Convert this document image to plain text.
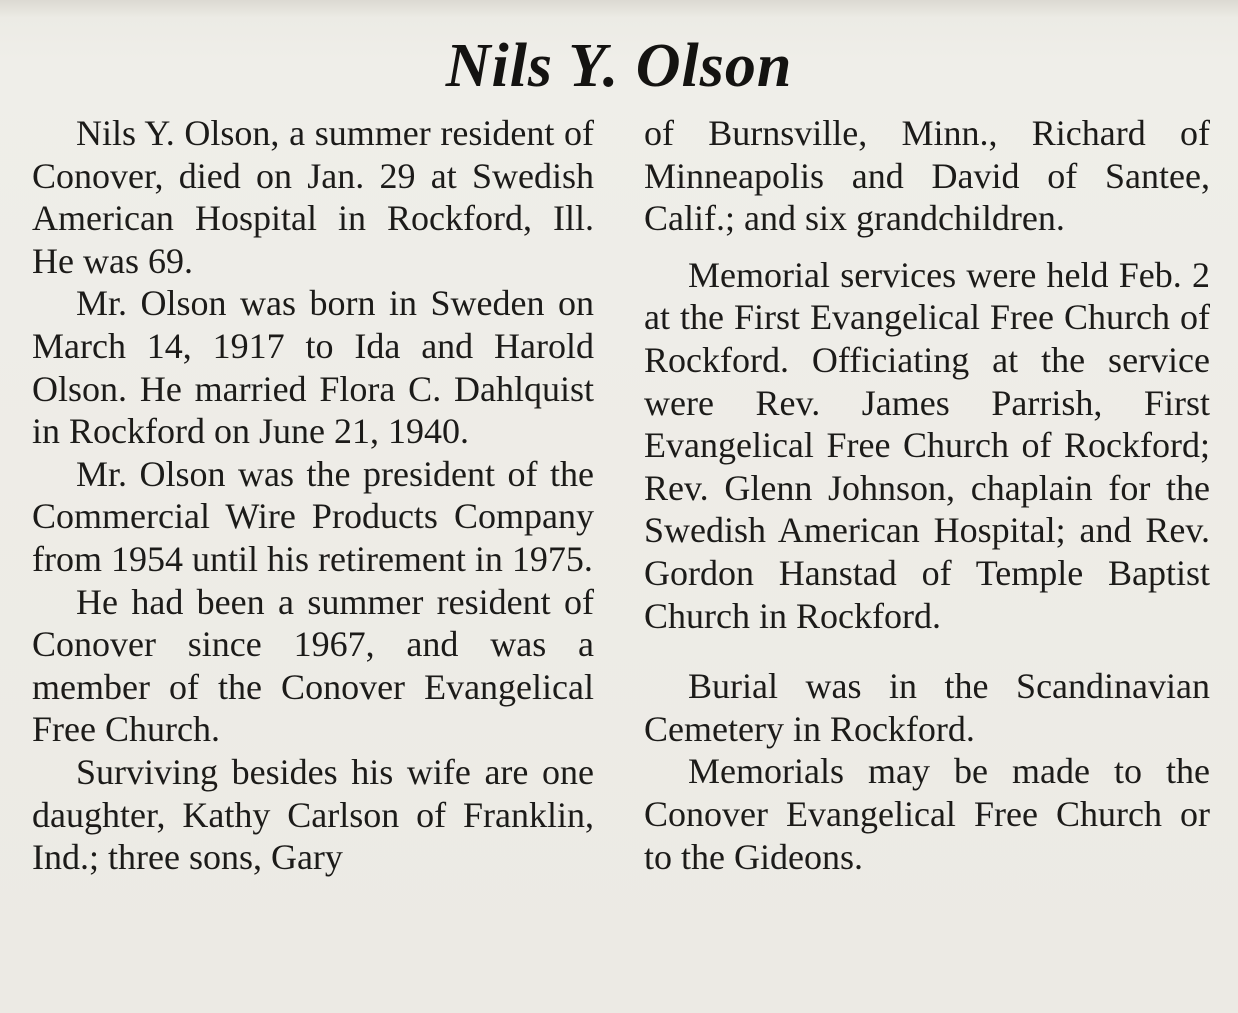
Nils Y. Olson

Nils Y. Olson, a summer resident of Conover, died on Jan. 29 at Swedish American Hospital in Rockford, Ill. He was 69.

Mr. Olson was born in Sweden on March 14, 1917 to Ida and Harold Olson. He married Flora C. Dahlquist in Rockford on June 21, 1940.

Mr. Olson was the president of the Commercial Wire Products Company from 1954 until his retirement in 1975.

He had been a summer resident of Conover since 1967, and was a member of the Conover Evangelical Free Church.

Surviving besides his wife are one daughter, Kathy Carlson of Franklin, Ind.; three sons, Gary

of Burnsville, Minn., Richard of Minneapolis and David of Santee, Calif.; and six grandchildren.

Memorial services were held Feb. 2 at the First Evangelical Free Church of Rockford. Officiating at the service were Rev. James Parrish, First Evangelical Free Church of Rockford; Rev. Glenn Johnson, chaplain for the Swedish American Hospital; and Rev. Gordon Hanstad of Temple Baptist Church in Rockford.

Burial was in the Scandinavian Cemetery in Rockford.

Memorials may be made to the Conover Evangelical Free Church or to the Gideons.
